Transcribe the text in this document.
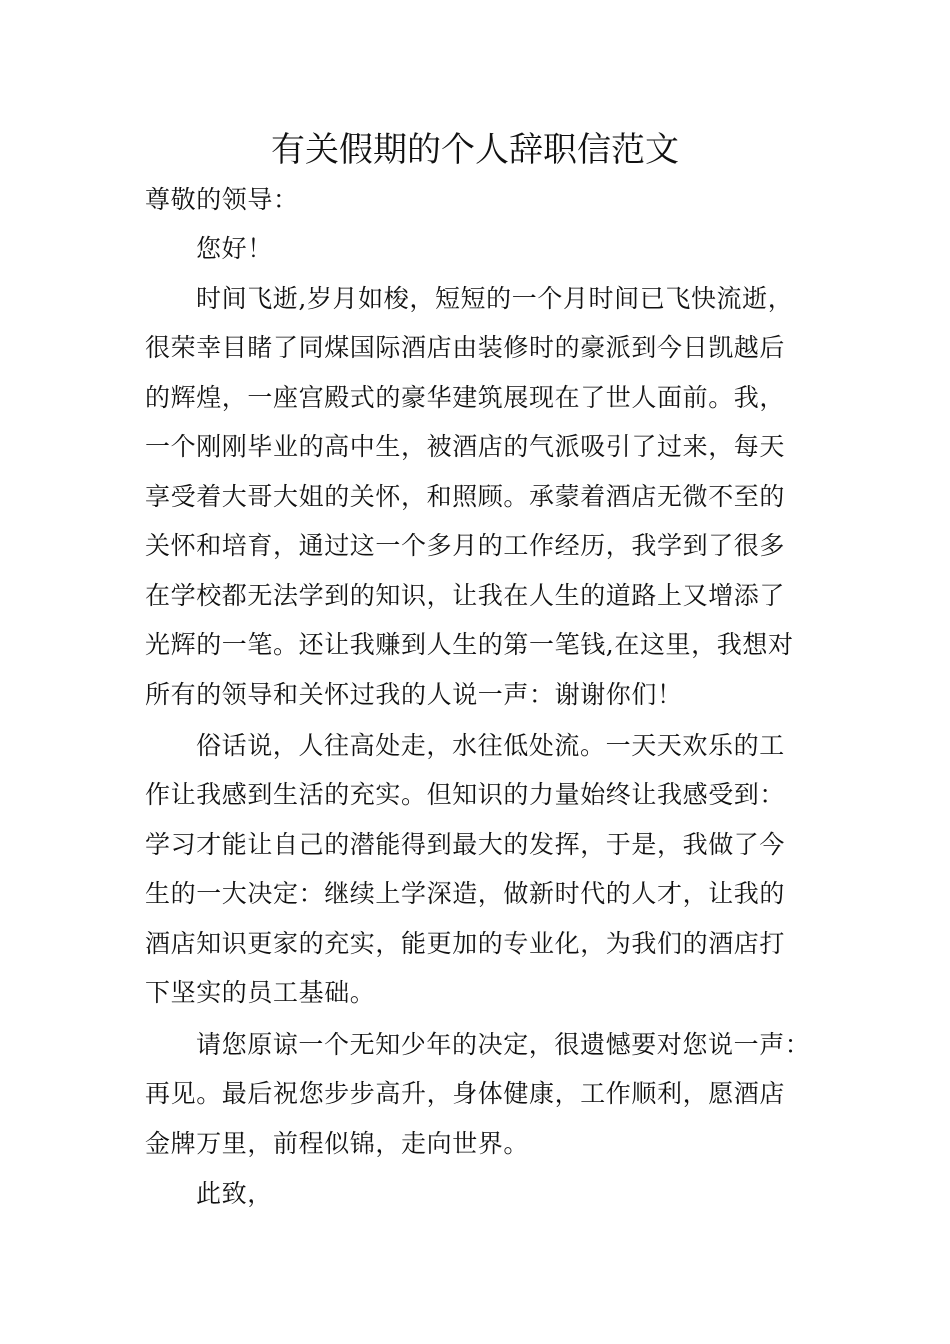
有关假期的个人辞职信范文
尊敬的领导：
您好！
时间飞逝,岁月如梭，短短的一个月时间已飞快流逝，
很荣幸目睹了同煤国际酒店由装修时的豪派到今日凯越后
的辉煌，一座宫殿式的豪华建筑展现在了世人面前。我，
一个刚刚毕业的高中生，被酒店的气派吸引了过来，每天
享受着大哥大姐的关怀，和照顾。承蒙着酒店无微不至的
关怀和培育，通过这一个多月的工作经历，我学到了很多
在学校都无法学到的知识，让我在人生的道路上又增添了
光辉的一笔。还让我赚到人生的第一笔钱,在这里，我想对
所有的领导和关怀过我的人说一声：谢谢你们！
俗话说，人往高处走，水往低处流。一天天欢乐的工
作让我感到生活的充实。但知识的力量始终让我感受到：
学习才能让自己的潜能得到最大的发挥，于是，我做了今
生的一大决定：继续上学深造，做新时代的人才，让我的
酒店知识更家的充实，能更加的专业化，为我们的酒店打
下坚实的员工基础。
请您原谅一个无知少年的决定，很遗憾要对您说一声：
再见。最后祝您步步高升，身体健康，工作顺利，愿酒店
金牌万里，前程似锦，走向世界。
此致，
